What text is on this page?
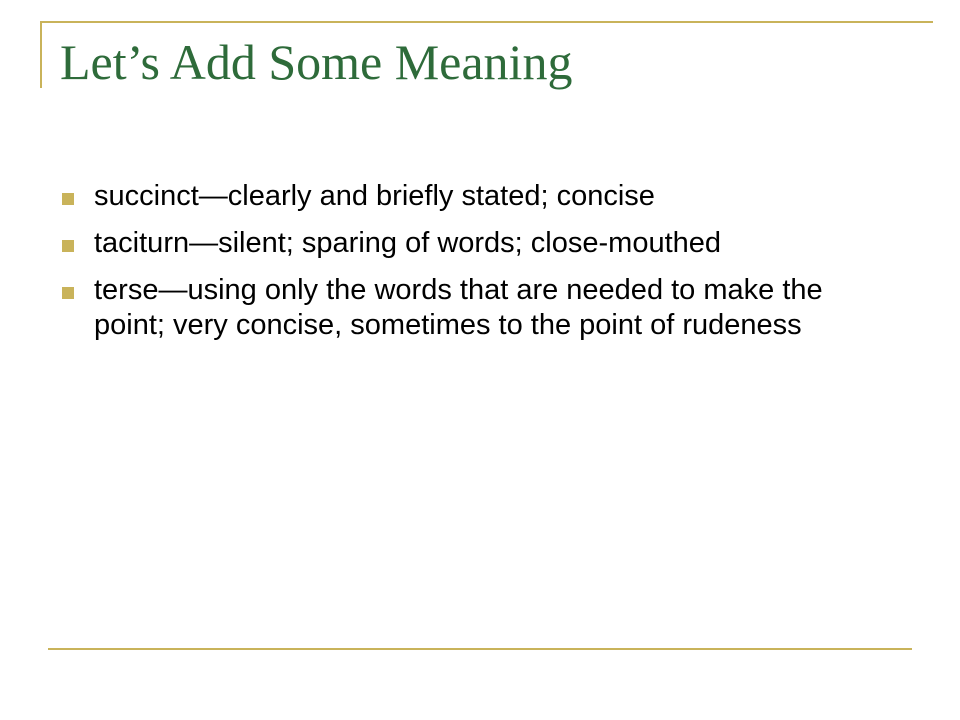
Let’s Add Some Meaning
succinct—clearly and briefly stated; concise
taciturn—silent; sparing of words; close-mouthed
terse—using only the words that are needed to make the point; very concise, sometimes to the point of rudeness
